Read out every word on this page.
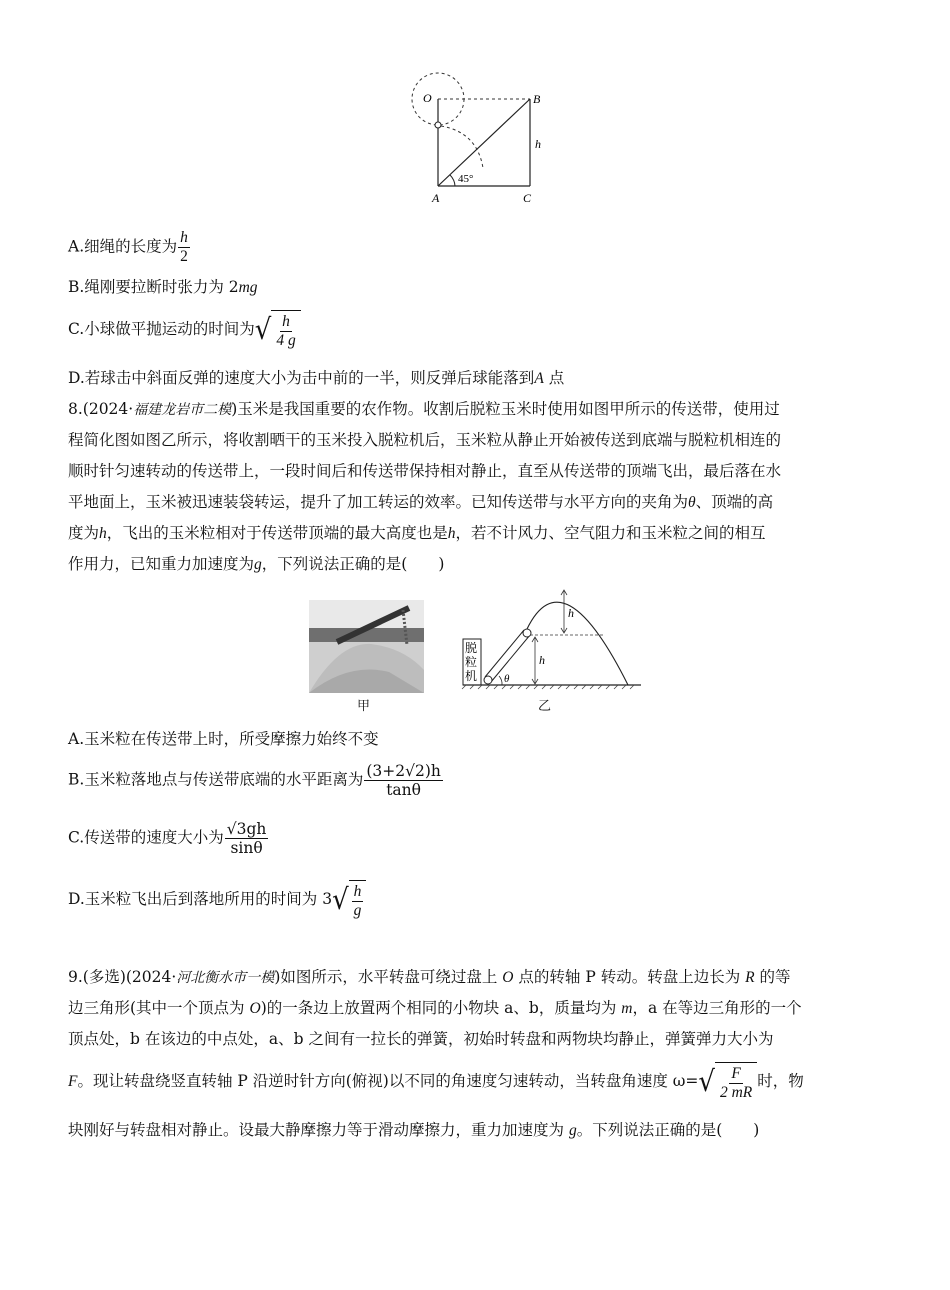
O	B
h
A	C
45°
A.细绳的长度为 $\frac{h}{2}$
B.绳刚要拉断时张力为 2mg
C.小球做平抛运动的时间为 √ $\frac{h}{4 g}$
D.若球击中斜面反弹的速度大小为击中前的一半，则反弹后球能落到A 点
8.(2024·福建龙岩市二模)玉米是我国重要的农作物。收割后脱粒玉米时使用如图甲所示的传送带，使用过
程简化图如图乙所示，将收割晒干的玉米投入脱粒机后，玉米粒从静止开始被传送到底端与脱粒机相连的
顺时针匀速转动的传送带上，一段时间后和传送带保持相对静止，直至从传送带的顶端飞出，最后落在水
平地面上，玉米被迅速装袋转运，提升了加工转运的效率。已知传送带与水平方向的夹角为θ、顶端的高
度为h，飞出的玉米粒相对于传送带顶端的最大高度也是h，若不计风力、空气阻力和玉米粒之间的相互
作用力，已知重力加速度为g，下列说法正确的是(　　)
甲
脱
粒
机
h
h
θ
乙
A.玉米粒在传送带上时，所受摩擦力始终不变
B.玉米粒落地点与传送带底端的水平距离为 $\frac{(3+2√2)h}{\tan\theta}$
C.传送带的速度大小为 $\frac{√3gh}{\sin\theta}$
D.玉米粒飞出后到落地所用的时间为 3 √ $\frac{h}{g}$
9.(多选)(2024·河北衡水市一模)如图所示，水平转盘可绕过盘上 O 点的转轴 P 转动。转盘上边长为 R 的等
边三角形(其中一个顶点为 O)的一条边上放置两个相同的小物块 a、b，质量均为 m，a 在等边三角形的一个
顶点处，b 在该边的中点处，a、b 之间有一拉长的弹簧，初始时转盘和两物块均静止，弹簧弹力大小为
F。现让转盘绕竖直转轴 P 沿逆时针方向(俯视)以不同的角速度匀速转动，当转盘角速度 ω= √ $\frac{F}{2 mR}$ 时，物
块刚好与转盘相对静止。设最大静摩擦力等于滑动摩擦力，重力加速度为 g。下列说法正确的是(　　)
